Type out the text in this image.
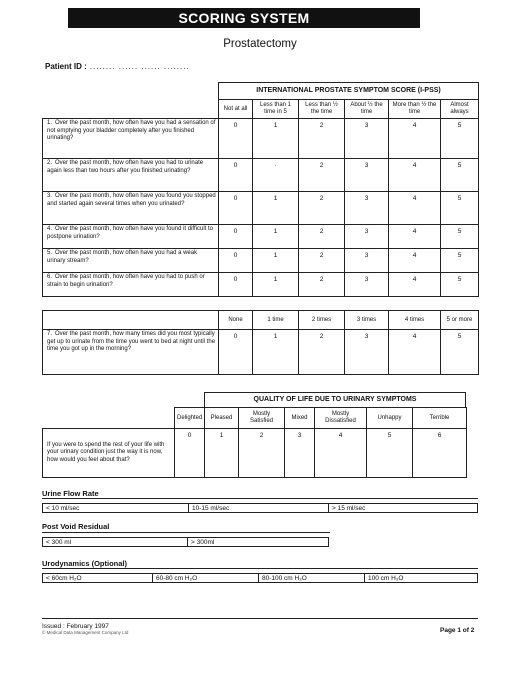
SCORING SYSTEM
Prostatectomy
Patient ID : ........ ...... ...... ........
	INTERNATIONAL PROSTATE SYMPTOM SCORE (I-PSS)					
	Not at all	Less than 1 time in 5	Less than ½ the time	About ½ the time	More than ½ the time	Almost always
1. Over the past month, how often have you had a sensation of not emptying your bladder completely after you finished urinating?	0	1	2	3	4	5
2. Over the past month, how often have you had to urinate again less than two hours after you finished urinating?	0	·	2	3	4	5
3. Over the past month, how often have you found you stopped and started again several times when you urinated?	0	1	2	3	4	5
4. Over the past month, how often have you found it difficult to postpone urination?	0	1	2	3	4	5
5. Over the past month, how often have you had a weak urinary stream?	0	1	2	3	4	5
6. Over the past month, how often have you had to push or strain to begin urination?	0	1	2	3	4	5

	None	1 time	2 times	3 times	4 times	5 or more
7. Over the past month, how many times did you most typically get up to urinate from the time you went to bed at night until the time you got up in the morning?	0	1	2	3	4	5
QUALITY OF LIFE DUE TO URINARY SYMPTOMS
	Delighted	Pleased	Mostly Satisfied	Mixed	Mostly Dissatisfied	Unhappy	Terrible
If you were to spend the rest of your life with your urinary condition just the way it is now, how would you feel about that?	0	1	2	3	4	5	6
Urine Flow Rate
< 10 ml/sec	10-15 ml/sec	> 15 ml/sec
Post Void Residual
< 300 ml	> 300ml
Urodynamics (Optional)
< 60cm H₂O	60-80 cm H₂O	80-100 cm H₂O	100 cm H₂O
Issued : February 1997
© Medical Data Management Company Ltd	Page 1 of 2
